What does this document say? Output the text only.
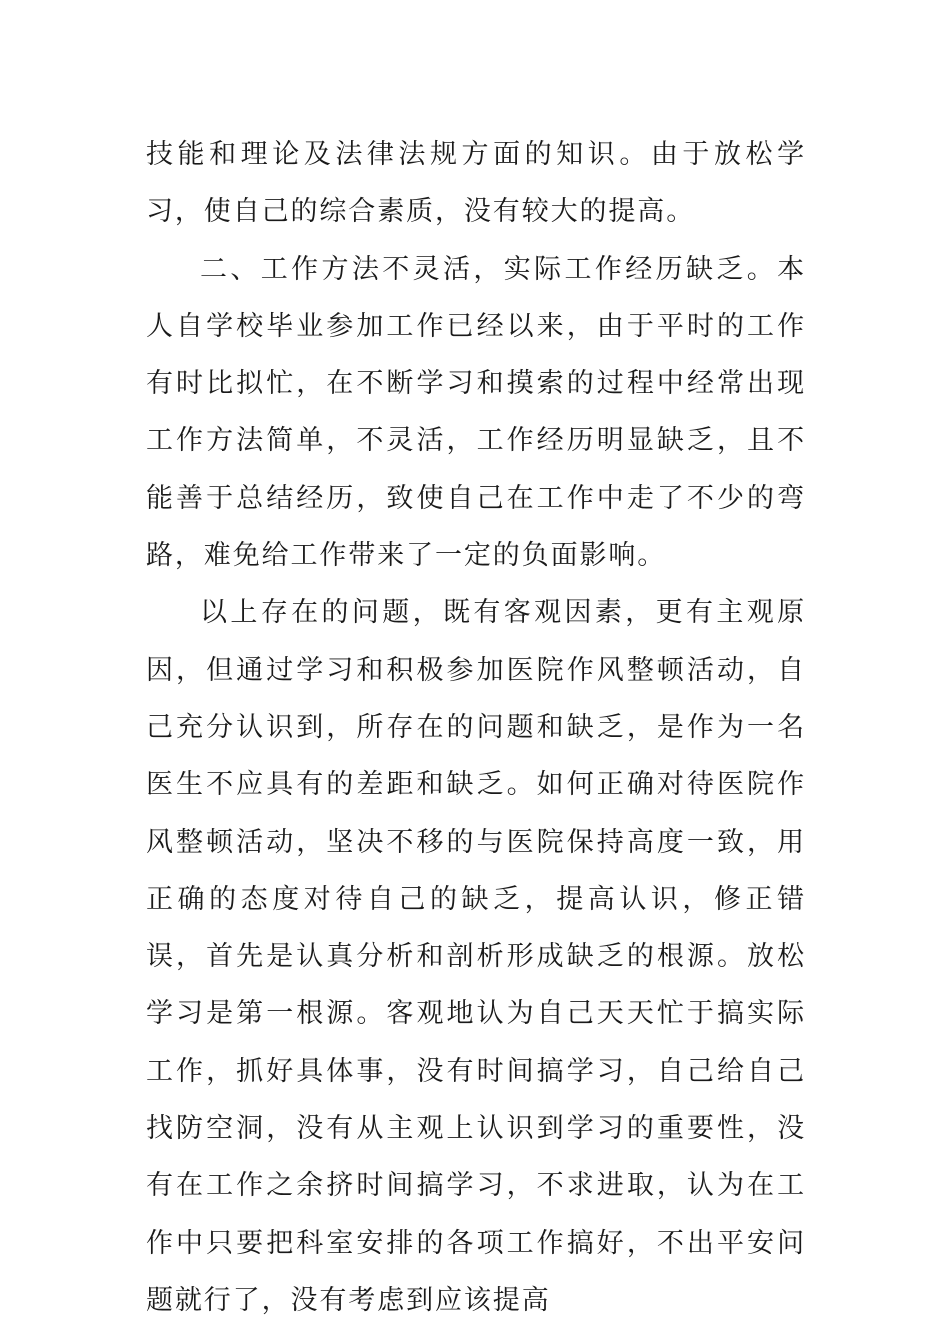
技能和理论及法律法规方面的知识。由于放松学习，使自己的综合素质，没有较大的提高。

二、工作方法不灵活，实际工作经历缺乏。本人自学校毕业参加工作已经以来，由于平时的工作有时比拟忙，在不断学习和摸索的过程中经常出现工作方法简单，不灵活，工作经历明显缺乏，且不能善于总结经历，致使自己在工作中走了不少的弯路，难免给工作带来了一定的负面影响。

以上存在的问题，既有客观因素，更有主观原因，但通过学习和积极参加医院作风整顿活动，自己充分认识到，所存在的问题和缺乏，是作为一名医生不应具有的差距和缺乏。如何正确对待医院作风整顿活动，坚决不移的与医院保持高度一致，用正确的态度对待自己的缺乏，提高认识，修正错误，首先是认真分析和剖析形成缺乏的根源。放松学习是第一根源。客观地认为自己天天忙于搞实际工作，抓好具体事，没有时间搞学习，自己给自己找防空洞，没有从主观上认识到学习的重要性，没有在工作之余挤时间搞学习，不求进取，认为在工作中只要把科室安排的各项工作搞好，不出平安问题就行了，没有考虑到应该提高
